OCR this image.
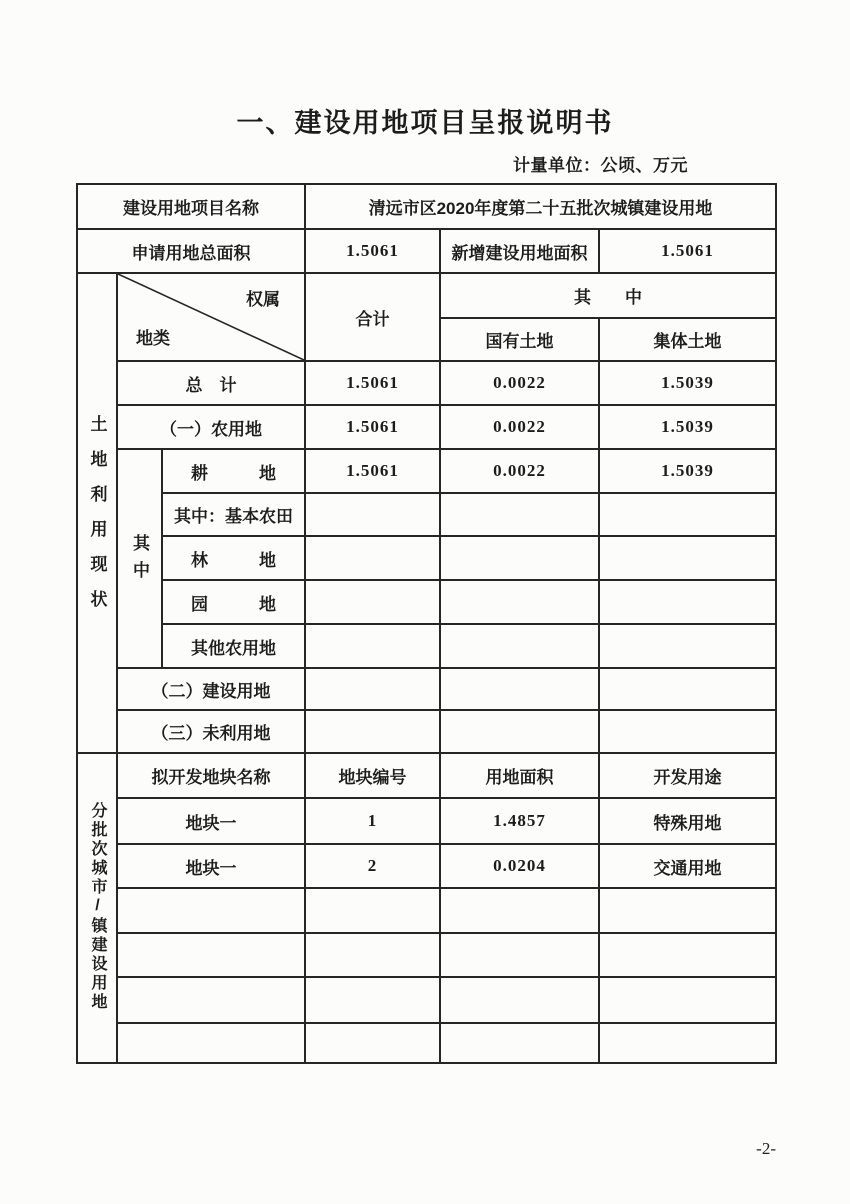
一、建设用地项目呈报说明书
计量单位：公顷、万元
建设用地项目名称			清远市区2020年度第二十五批次城镇建设用地		
申请用地总面积			1.5061	新增建设用地面积	1.5061
土地利用现状	权属
地类		合计	其　　中	
				国有土地	集体土地
	总　计		1.5061	0.0022	1.5039
	（一）农用地		1.5061	0.0022	1.5039
	其中	耕　　　地	1.5061	0.0022	1.5039
		其中：基本农田			
		林　　　地			
		园　　　地			
		其他农用地			
	（二）建设用地				
	（三）未利用地				
分批次城市/镇建设用地	拟开发地块名称		地块编号	用地面积	开发用途
	地块一		1	1.4857	特殊用地
	地块一		2	0.0204	交通用地

-2-
